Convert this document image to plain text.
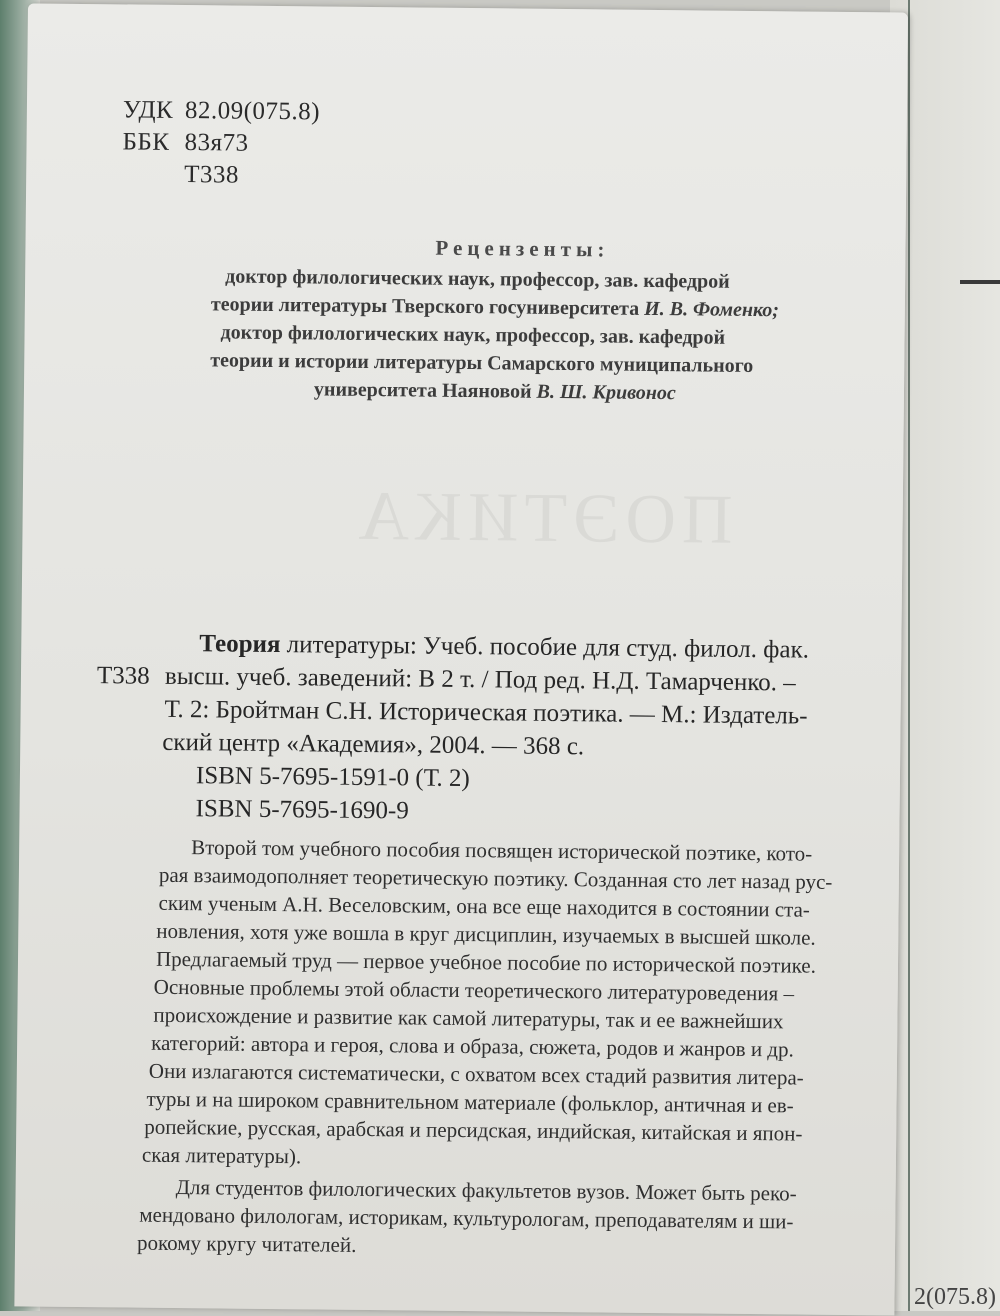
2(075.8)
ПОЭТИКА
УДК 82.09(075.8)
ББК 83я73
Т338
Рецензенты:
доктор филологических наук, профессор, зав. кафедрой
теории литературы Тверского госуниверситета И. В. Фоменко;
доктор филологических наук, профессор, зав. кафедрой
теории и истории литературы Самарского муниципального
университета Наяновой В. Ш. Кривонос
Теория литературы: Учеб. пособие для студ. филол. фак.
Т338 высш. учеб. заведений: В 2 т. / Под ред. Н.Д. Тамарченко. –
Т. 2: Бройтман С.Н. Историческая поэтика. — М.: Издатель-
ский центр «Академия», 2004. — 368 с.
ISBN 5-7695-1591-0 (Т. 2)
ISBN 5-7695-1690-9
Второй том учебного пособия посвящен исторической поэтике, кото-
рая взаимодополняет теоретическую поэтику. Созданная сто лет назад рус-
ским ученым А.Н. Веселовским, она все еще находится в состоянии ста-
новления, хотя уже вошла в круг дисциплин, изучаемых в высшей школе.
Предлагаемый труд — первое учебное пособие по исторической поэтике.
Основные проблемы этой области теоретического литературоведения –
происхождение и развитие как самой литературы, так и ее важнейших
категорий: автора и героя, слова и образа, сюжета, родов и жанров и др.
Они излагаются систематически, с охватом всех стадий развития литера-
туры и на широком сравнительном материале (фольклор, античная и ев-
ропейские, русская, арабская и персидская, индийская, китайская и япон-
ская литературы).
Для студентов филологических факультетов вузов. Может быть реко-
мендовано филологам, историкам, культурологам, преподавателям и ши-
рокому кругу читателей.
